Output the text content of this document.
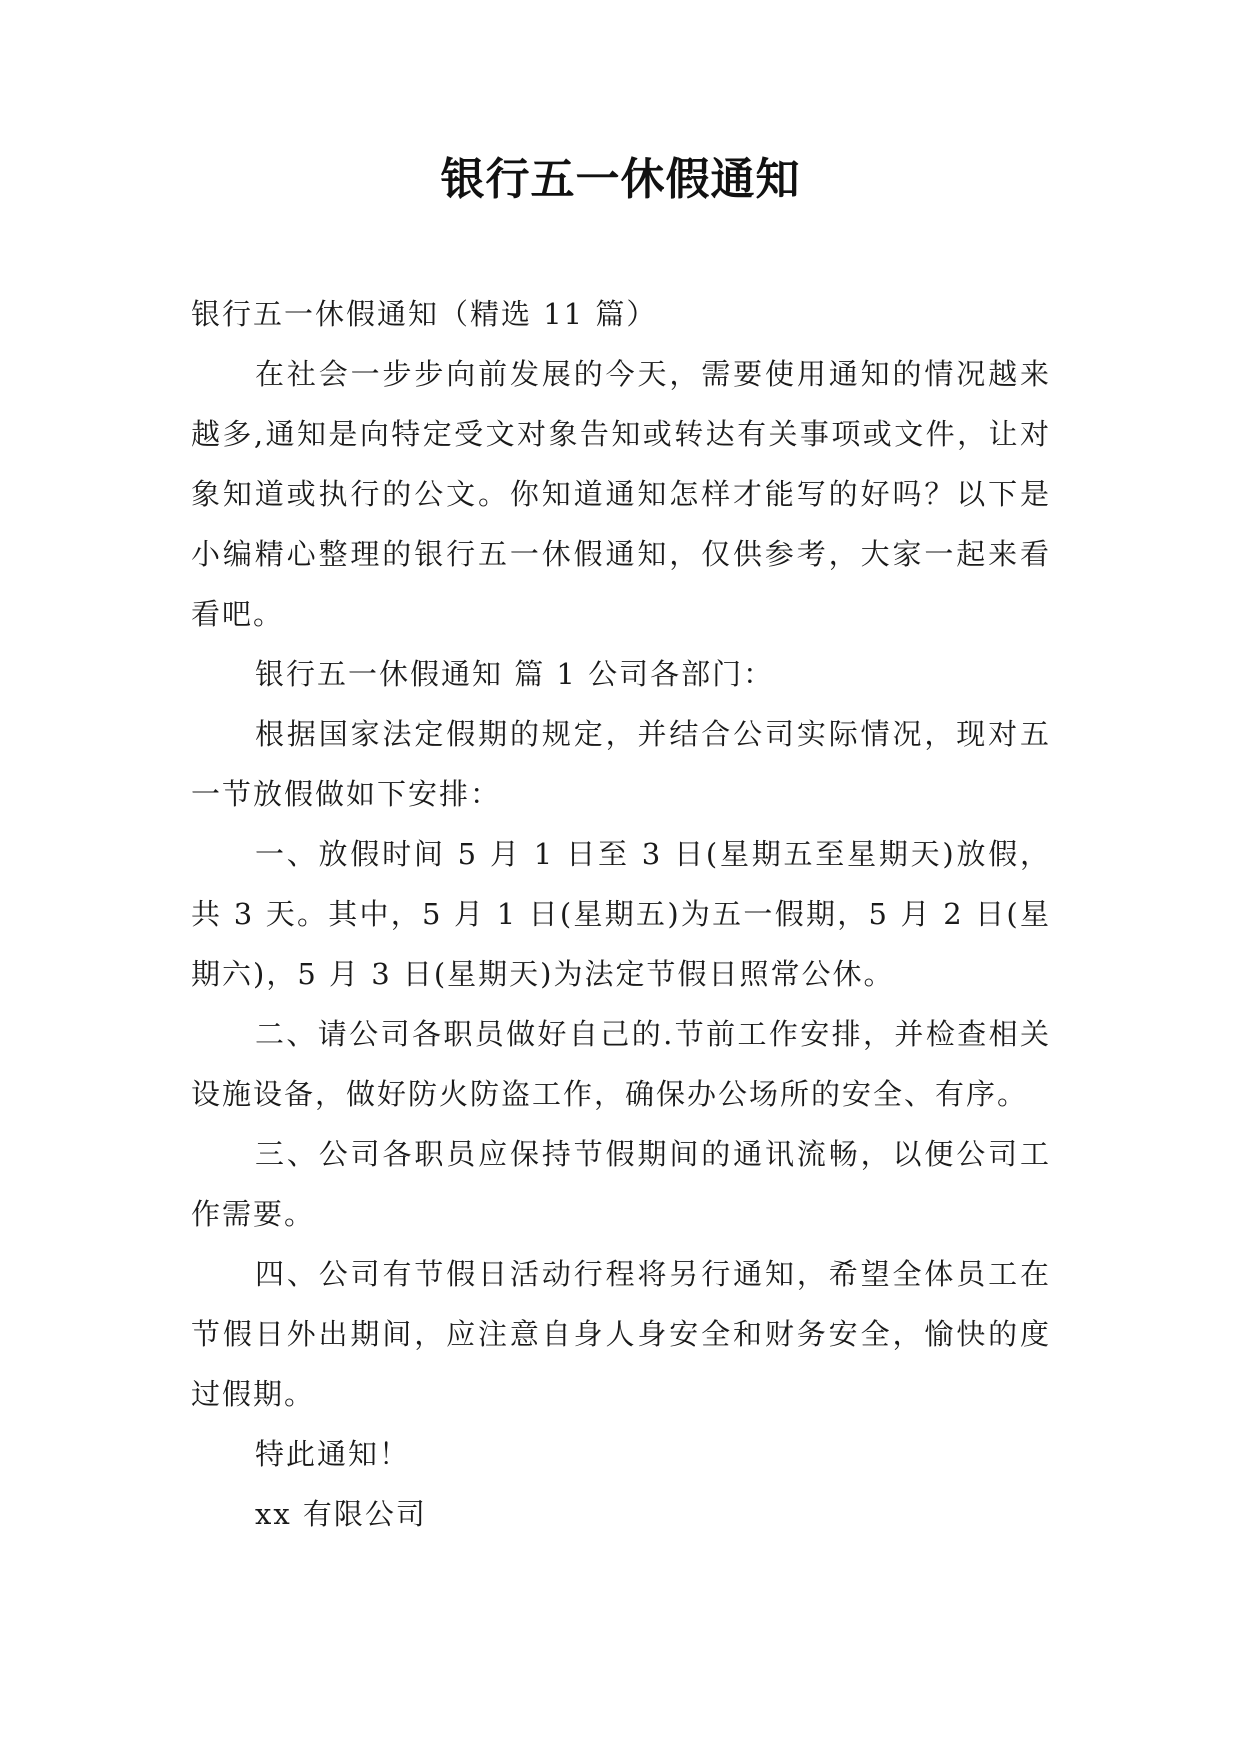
银行五一休假通知

银行五一休假通知（精选 11 篇）

在社会一步步向前发展的今天，需要使用通知的情况越来越多,通知是向特定受文对象告知或转达有关事项或文件，让对象知道或执行的公文。你知道通知怎样才能写的好吗？以下是小编精心整理的银行五一休假通知，仅供参考，大家一起来看看吧。

银行五一休假通知 篇 1 公司各部门：

根据国家法定假期的规定，并结合公司实际情况，现对五一节放假做如下安排：

一、放假时间 5 月 1 日至 3 日(星期五至星期天)放假，共 3 天。其中，5 月 1 日(星期五)为五一假期，5 月 2 日(星期六)，5 月 3 日(星期天)为法定节假日照常公休。

二、请公司各职员做好自己的.节前工作安排，并检查相关设施设备，做好防火防盗工作，确保办公场所的安全、有序。

三、公司各职员应保持节假期间的通讯流畅，以便公司工作需要。

四、公司有节假日活动行程将另行通知，希望全体员工在节假日外出期间，应注意自身人身安全和财务安全，愉快的度过假期。

特此通知！

xx 有限公司
